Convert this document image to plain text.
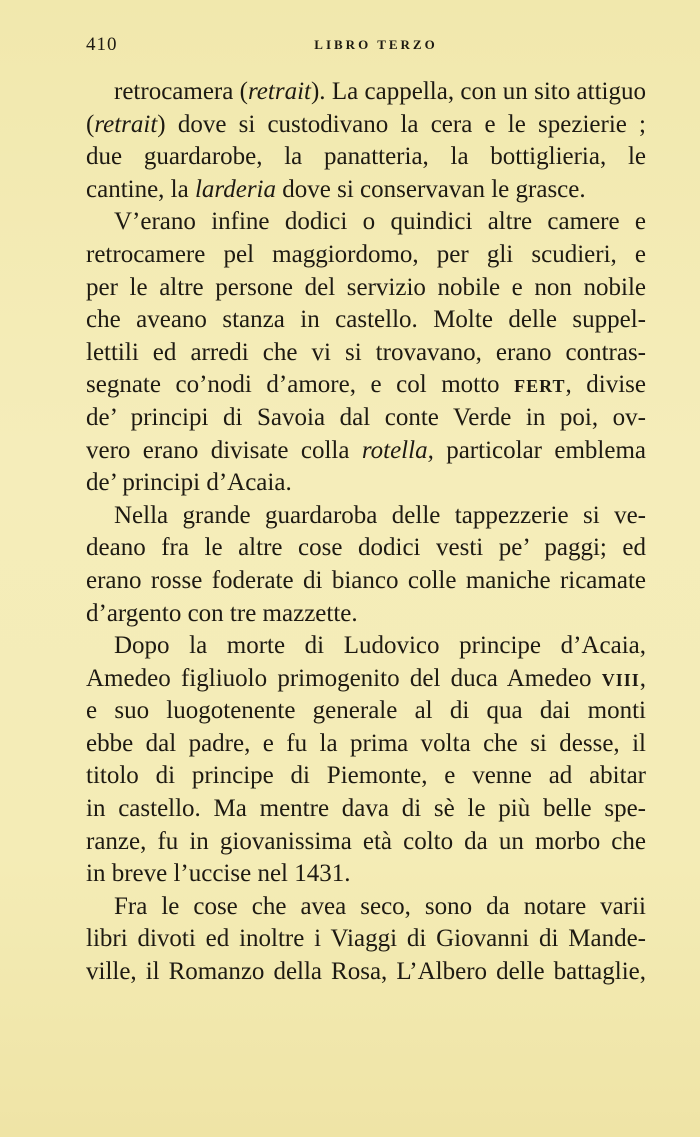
410	LIBRO TERZO
retrocamera (retrait). La cappella, con un sito attiguo
(retrait) dove si custodivano la cera e le spezierie ;
due guardarobe, la panatteria, la bottiglieria, le
cantine, la larderia dove si conservavan le grasce.
V’erano infine dodici o quindici altre camere e
retrocamere pel maggiordomo, per gli scudieri, e
per le altre persone del servizio nobile e non nobile
che aveano stanza in castello. Molte delle suppel-
lettili ed arredi che vi si trovavano, erano contras-
segnate co’nodi d’amore, e col motto fert, divise
de’ principi di Savoia dal conte Verde in poi, ov-
vero erano divisate colla rotella, particolar emblema
de’ principi d’Acaia.
Nella grande guardaroba delle tappezzerie si ve-
deano fra le altre cose dodici vesti pe’ paggi; ed
erano rosse foderate di bianco colle maniche ricamate
d’argento con tre mazzette.
Dopo la morte di Ludovico principe d’Acaia,
Amedeo figliuolo primogenito del duca Amedeo viii,
e suo luogotenente generale al di qua dai monti
ebbe dal padre, e fu la prima volta che si desse, il
titolo di principe di Piemonte, e venne ad abitar
in castello. Ma mentre dava di sè le più belle spe-
ranze, fu in giovanissima età colto da un morbo che
in breve l’uccise nel 1431.
Fra le cose che avea seco, sono da notare varii
libri divoti ed inoltre i Viaggi di Giovanni di Mande-
ville, il Romanzo della Rosa, L’Albero delle battaglie,
